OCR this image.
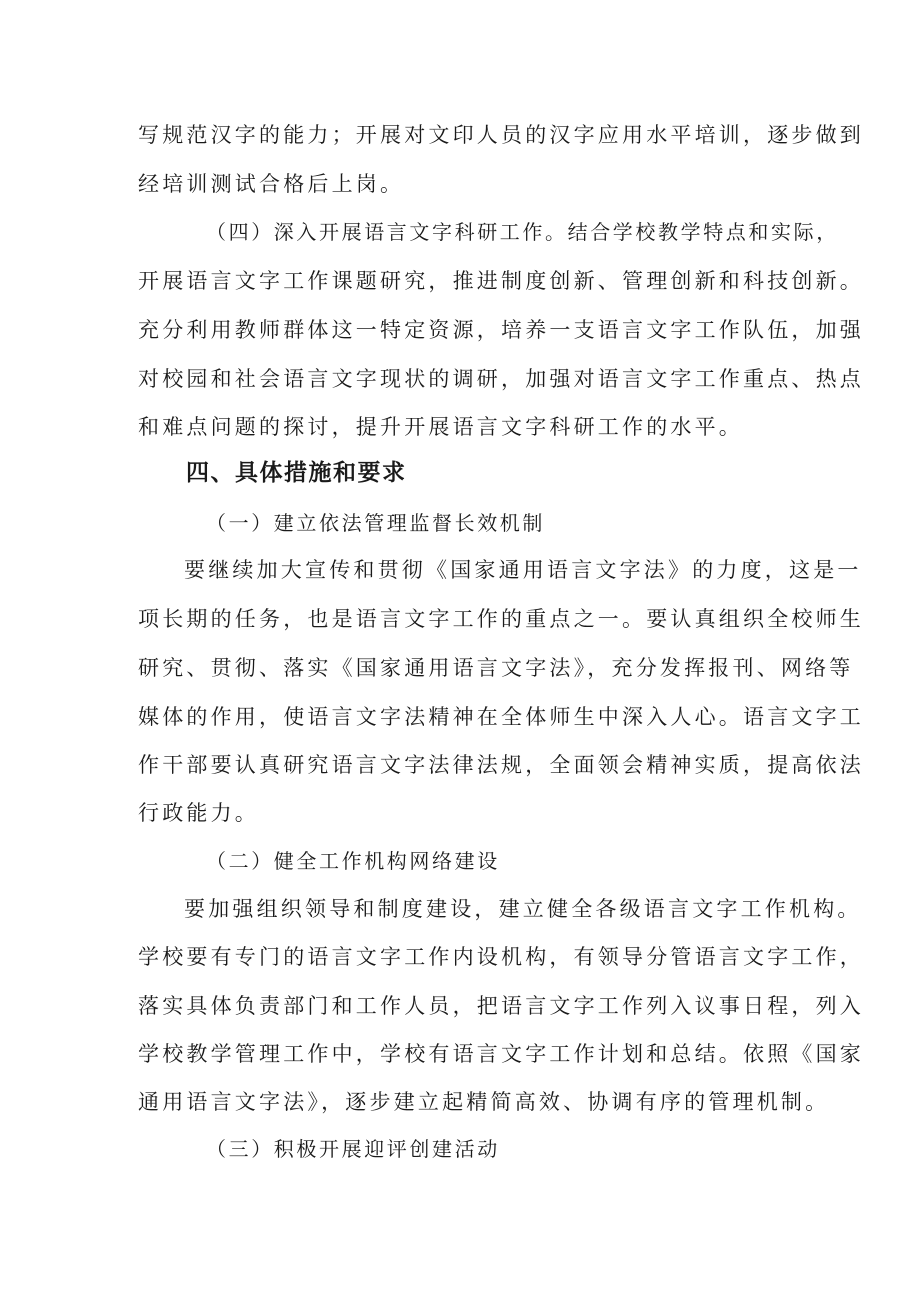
写规范汉字的能力；开展对文印人员的汉字应用水平培训，逐步做到
经培训测试合格后上岗。
（四）深入开展语言文字科研工作。结合学校教学特点和实际，
开展语言文字工作课题研究，推进制度创新、管理创新和科技创新。
充分利用教师群体这一特定资源，培养一支语言文字工作队伍，加强
对校园和社会语言文字现状的调研，加强对语言文字工作重点、热点
和难点问题的探讨，提升开展语言文字科研工作的水平。
四、具体措施和要求
（一）建立依法管理监督长效机制
要继续加大宣传和贯彻《国家通用语言文字法》的力度，这是一
项长期的任务，也是语言文字工作的重点之一。要认真组织全校师生
研究、贯彻、落实《国家通用语言文字法》，充分发挥报刊、网络等
媒体的作用，使语言文字法精神在全体师生中深入人心。语言文字工
作干部要认真研究语言文字法律法规，全面领会精神实质，提高依法
行政能力。
（二）健全工作机构网络建设
要加强组织领导和制度建设，建立健全各级语言文字工作机构。
学校要有专门的语言文字工作内设机构，有领导分管语言文字工作，
落实具体负责部门和工作人员，把语言文字工作列入议事日程，列入
学校教学管理工作中，学校有语言文字工作计划和总结。依照《国家
通用语言文字法》，逐步建立起精简高效、协调有序的管理机制。
（三）积极开展迎评创建活动
